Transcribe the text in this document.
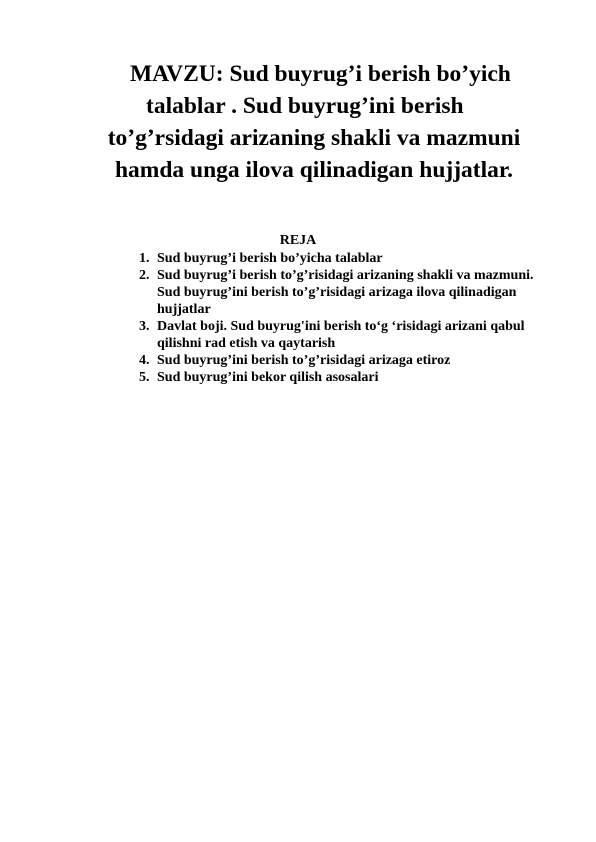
MAVZU: Sud buyrug’i berish bo’yich
talablar . Sud buyrug’ini berish
to’g’rsidagi arizaning shakli va mazmuni
hamda unga ilova qilinadigan hujjatlar.
REJA
1. Sud buyrug’i berish bo’yicha talablar
2. Sud buyrug’i berish to’g’risidagi arizaning shakli va mazmuni. Sud buyrug’ini berish to’g’risidagi arizaga ilova qilinadigan hujjatlar
3. Davlat boji. Sud buyrug'ini berish to‘g ‘risidagi arizani qabul qilishni rad etish va qaytarish
4. Sud buyrug’ini berish to’g’risidagi arizaga etiroz
5. Sud buyrug’ini bekor qilish asosalari
